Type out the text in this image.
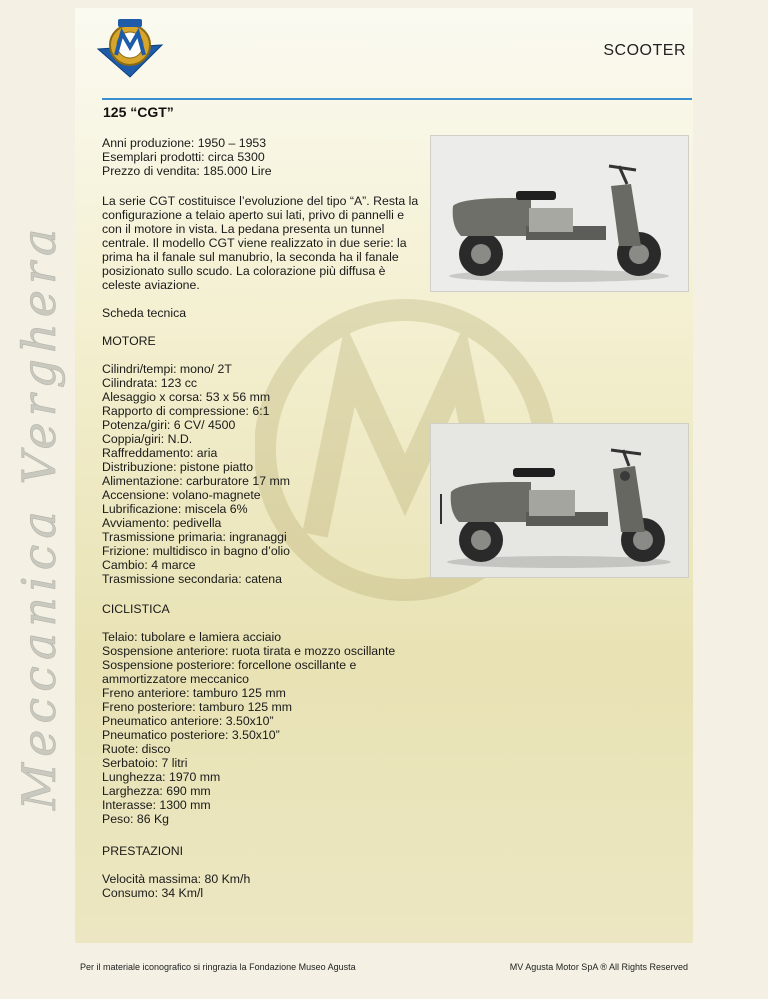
Meccanica Verghera
SCOOTER
125 “CGT”
Anni produzione: 1950 – 1953
Esemplari prodotti: circa 5300
Prezzo di vendita: 185.000 Lire
La serie CGT costituisce l’evoluzione del tipo “A”. Resta la configurazione a telaio aperto sui lati, privo di pannelli e con il motore in vista. La pedana presenta un tunnel centrale. Il modello CGT viene realizzato in due serie: la prima ha il fanale sul manubrio, la seconda ha il fanale posizionato sullo scudo. La colorazione più diffusa è celeste aviazione.
Scheda tecnica
MOTORE
Cilindri/tempi: mono/ 2T
Cilindrata: 123 cc
Alesaggio x corsa: 53 x 56 mm
Rapporto di compressione: 6:1
Potenza/giri: 6 CV/ 4500
Coppia/giri: N.D.
Raffreddamento: aria
Distribuzione: pistone piatto
Alimentazione: carburatore 17 mm
Accensione: volano-magnete
Lubrificazione: miscela 6%
Avviamento: pedivella
Trasmissione primaria: ingranaggi
Frizione: multidisco in bagno d’olio
Cambio: 4 marce
Trasmissione secondaria: catena
CICLISTICA
Telaio: tubolare e lamiera acciaio
Sospensione anteriore: ruota tirata e mozzo oscillante
Sospensione posteriore: forcellone oscillante e
ammortizzatore meccanico
Freno anteriore: tamburo 125 mm
Freno posteriore: tamburo 125 mm
Pneumatico anteriore: 3.50x10”
Pneumatico posteriore: 3.50x10”
Ruote: disco
Serbatoio: 7 litri
Lunghezza: 1970 mm
Larghezza: 690 mm
Interasse: 1300 mm
Peso: 86 Kg
PRESTAZIONI
Velocità massima: 80 Km/h
Consumo: 34 Km/l
Per il materiale iconografico si ringrazia la Fondazione Museo Agusta	MV Agusta Motor SpA ® All Rights Reserved
